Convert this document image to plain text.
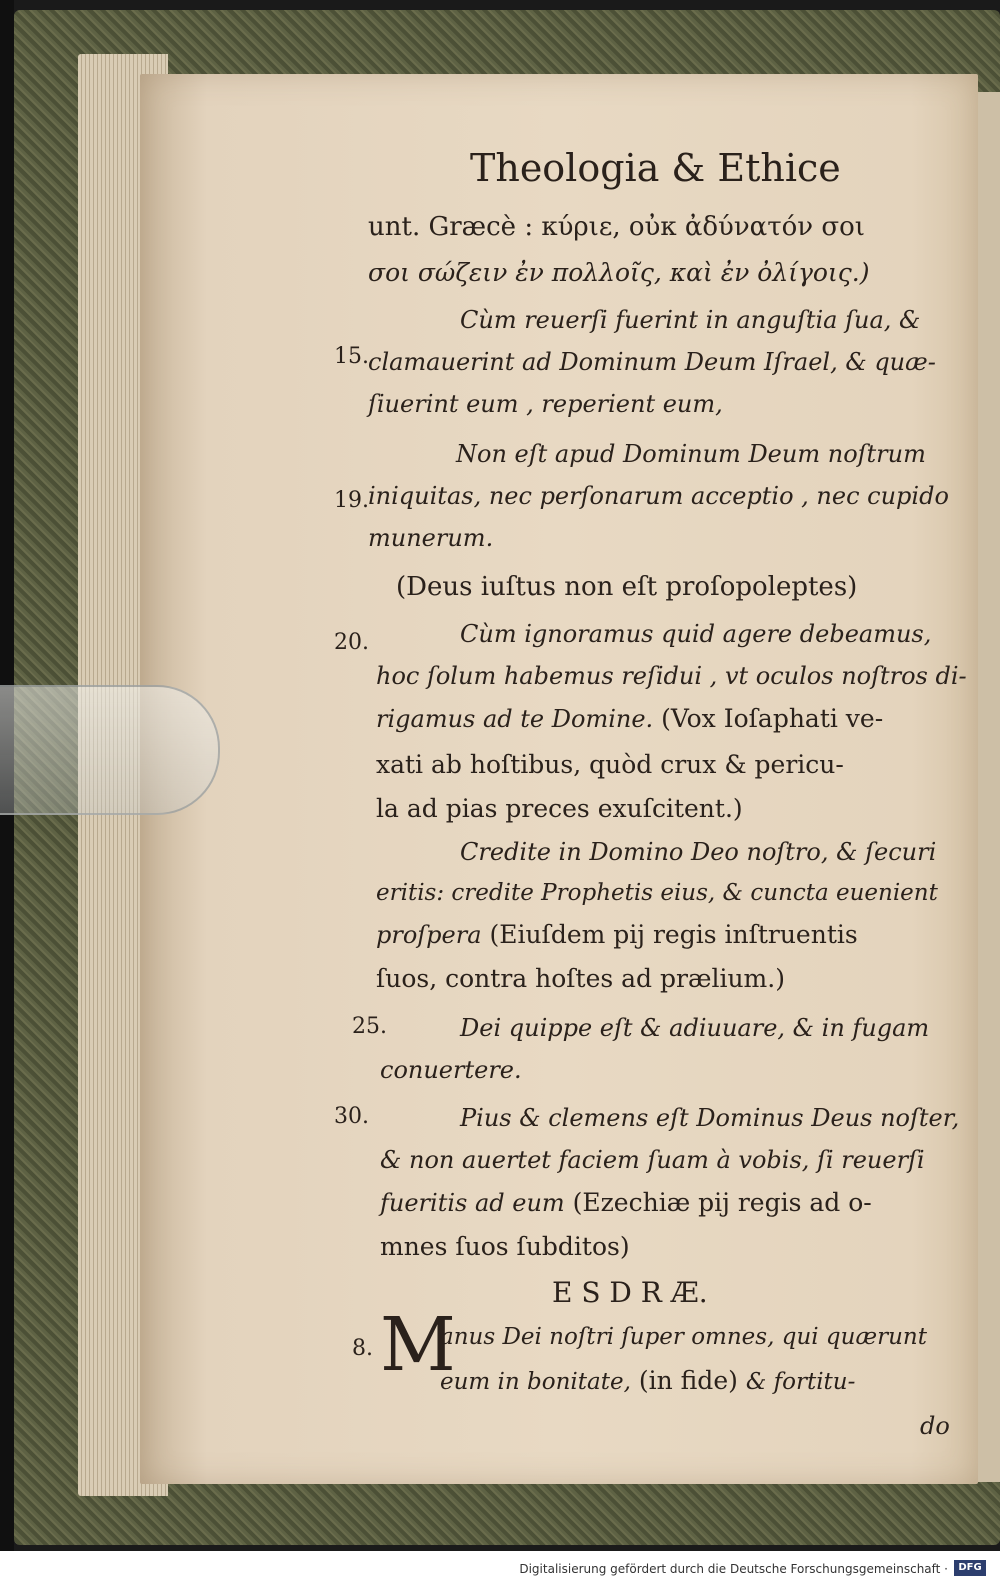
Theologia & Ethice

unt. Græcè : κύριε, οὐκ ἀδύνατόν σοι

σοι σώζειν ἐν πολλοῖς, καὶ ἐν ὀλίγοις.)

Cùm reuerſi fuerint in anguſtia ſua, &

clamauerint ad Dominum Deum Iſrael, & quæ-

ſiuerint eum , reperient eum,

Non eſt apud Dominum Deum noſtrum

iniquitas, nec perſonarum acceptio , nec cupido

munerum.

(Deus iuſtus non eſt proſopoleptes)

Cùm ignoramus quid agere debeamus,

hoc ſolum habemus reſidui , vt oculos noſtros di-

rigamus ad te Domine. (Vox Ioſaphati ve-

xati ab hoſtibus, quòd crux & pericu-

la ad pias preces exuſcitent.)

Credite in Domino Deo noſtro, & ſecuri

eritis: credite Prophetis eius, & cuncta euenient

proſpera (Eiuſdem pij regis inſtruentis

ſuos, contra hoſtes ad prælium.)

Dei quippe eſt & adiuuare, & in fugam

conuertere.

Pius & clemens eſt Dominus Deus noſter,

& non auertet faciem ſuam à vobis, ſi reuerſi

fueritis ad eum (Ezechiæ pij regis ad o-

mnes ſuos ſubditos)

E S D R Æ.

M

anus Dei noſtri ſuper omnes, qui quærunt

eum in bonitate, (in fide) & fortitu-

do

15.

19.

20.

25.

30.

8.

Digitalisierung gefördert durch die Deutsche Forschungsgemeinschaft ·	DFG
